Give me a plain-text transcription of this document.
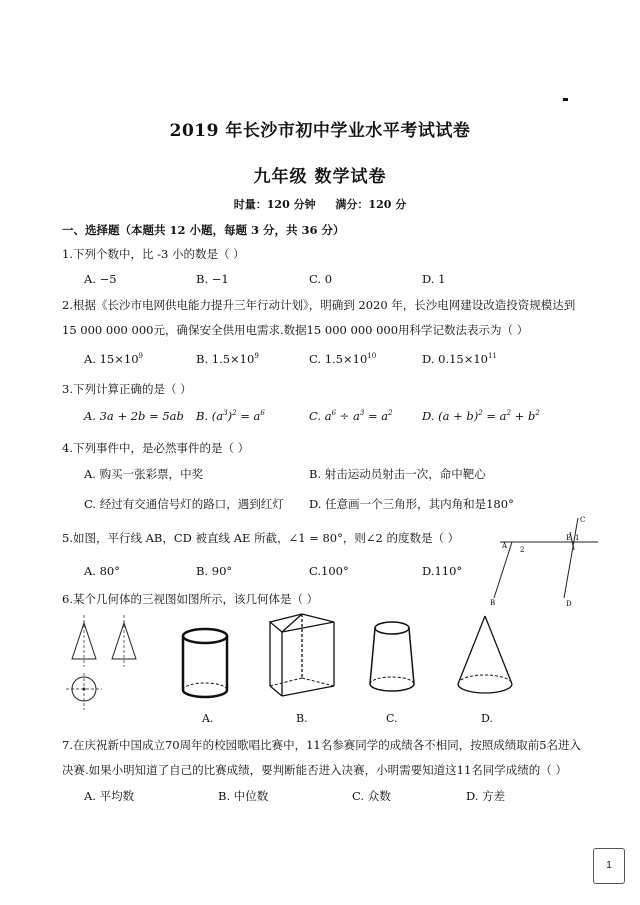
2019 年长沙市初中学业水平考试试卷
九年级 数学试卷
时量：120 分钟 满分：120 分
一、选择题（本题共 12 小题，每题 3 分，共 36 分）
1.下列个数中，比 -3 小的数是（ ）
A. −5	B. −1	C. 0	D. 1
2.根据《长沙市电网供电能力提升三年行动计划》，明确到 2020 年，长沙电网建设改造投资规模达到
15 000 000 000元，确保安全供用电需求.数据15 000 000 000用科学记数法表示为（ ）
A. $15\times 10^9$	B. $1.5\times 10^9$	C. $1.5\times 10^{10}$	D. $0.15\times 10^{11}$
3.下列计算正确的是（ ）
A. 3a + 2b = 5ab B. $(a^3)^2 = a^6$	C. $a^6 \div a^3 = a^2$	D. $(a + b)^2 = a^2 + b^2$
4.下列事件中，是必然事件的是（ ）
A. 购买一张彩票，中奖	B. 射击运动员射击一次，命中靶心
C. 经过有交通信号灯的路口，遇到红灯 D. 任意画一个三角形，其内角和是180°
5.如图，平行线 AB，CD 被直线 AE 所截，∠1 = 80°，则∠2 的度数是（ ）
A. 80°	B. 90°	C.100°	D.110°
A 2
E 1
C
B	D
6.某个几何体的三视图如图所示，该几何体是（ ）
A.	B.	C.	D.
7.在庆祝新中国成立70周年的校园歌唱比赛中，11名参赛同学的成绩各不相同，按照成绩取前5名进入
决赛.如果小明知道了自己的比赛成绩，要判断能否进入决赛，小明需要知道这11名同学成绩的（ ）
A. 平均数	B. 中位数	C. 众数	D. 方差
1
